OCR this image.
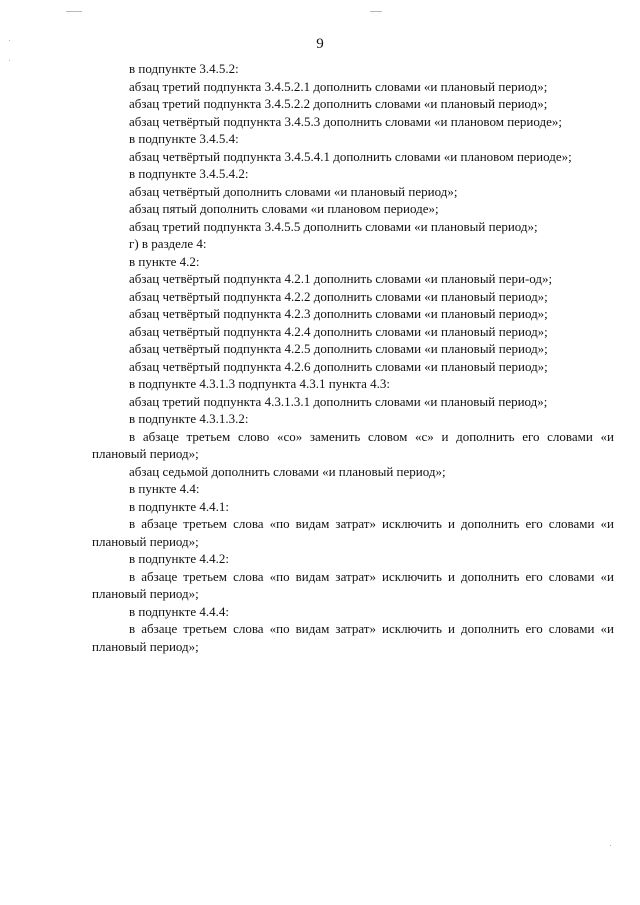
9

в подпункте 3.4.5.2:

абзац третий подпункта 3.4.5.2.1 дополнить словами «и плановый период»;

абзац третий подпункта 3.4.5.2.2 дополнить словами «и плановый период»;

абзац четвёртый подпункта 3.4.5.3 дополнить словами «и плановом периоде»;

в подпункте 3.4.5.4:

абзац четвёртый подпункта 3.4.5.4.1 дополнить словами «и плановом периоде»;

в подпункте 3.4.5.4.2:

абзац четвёртый дополнить словами «и плановый период»;

абзац пятый дополнить словами «и плановом периоде»;

абзац третий подпункта 3.4.5.5 дополнить словами «и плановый период»;

г) в разделе 4:

в пункте 4.2:

абзац четвёртый подпункта 4.2.1 дополнить словами «и плановый пери-од»;

абзац четвёртый подпункта 4.2.2 дополнить словами «и плановый период»;

абзац четвёртый подпункта 4.2.3 дополнить словами «и плановый период»;

абзац четвёртый подпункта 4.2.4 дополнить словами «и плановый период»;

абзац четвёртый подпункта 4.2.5 дополнить словами «и плановый период»;

абзац четвёртый подпункта 4.2.6 дополнить словами «и плановый период»;

в подпункте 4.3.1.3 подпункта 4.3.1 пункта 4.3:

абзац третий подпункта 4.3.1.3.1 дополнить словами «и плановый период»;

в подпункте 4.3.1.3.2:

в абзаце третьем слово «со» заменить словом «с» и дополнить его словами «и плановый период»;

абзац седьмой дополнить словами «и плановый период»;

в пункте 4.4:

в подпункте 4.4.1:

в абзаце третьем слова «по видам затрат» исключить и дополнить его словами «и плановый период»;

в подпункте 4.4.2:

в абзаце третьем слова «по видам затрат» исключить и дополнить его словами «и плановый период»;

в подпункте 4.4.4:

в абзаце третьем слова «по видам затрат» исключить и дополнить его словами «и плановый период»;
